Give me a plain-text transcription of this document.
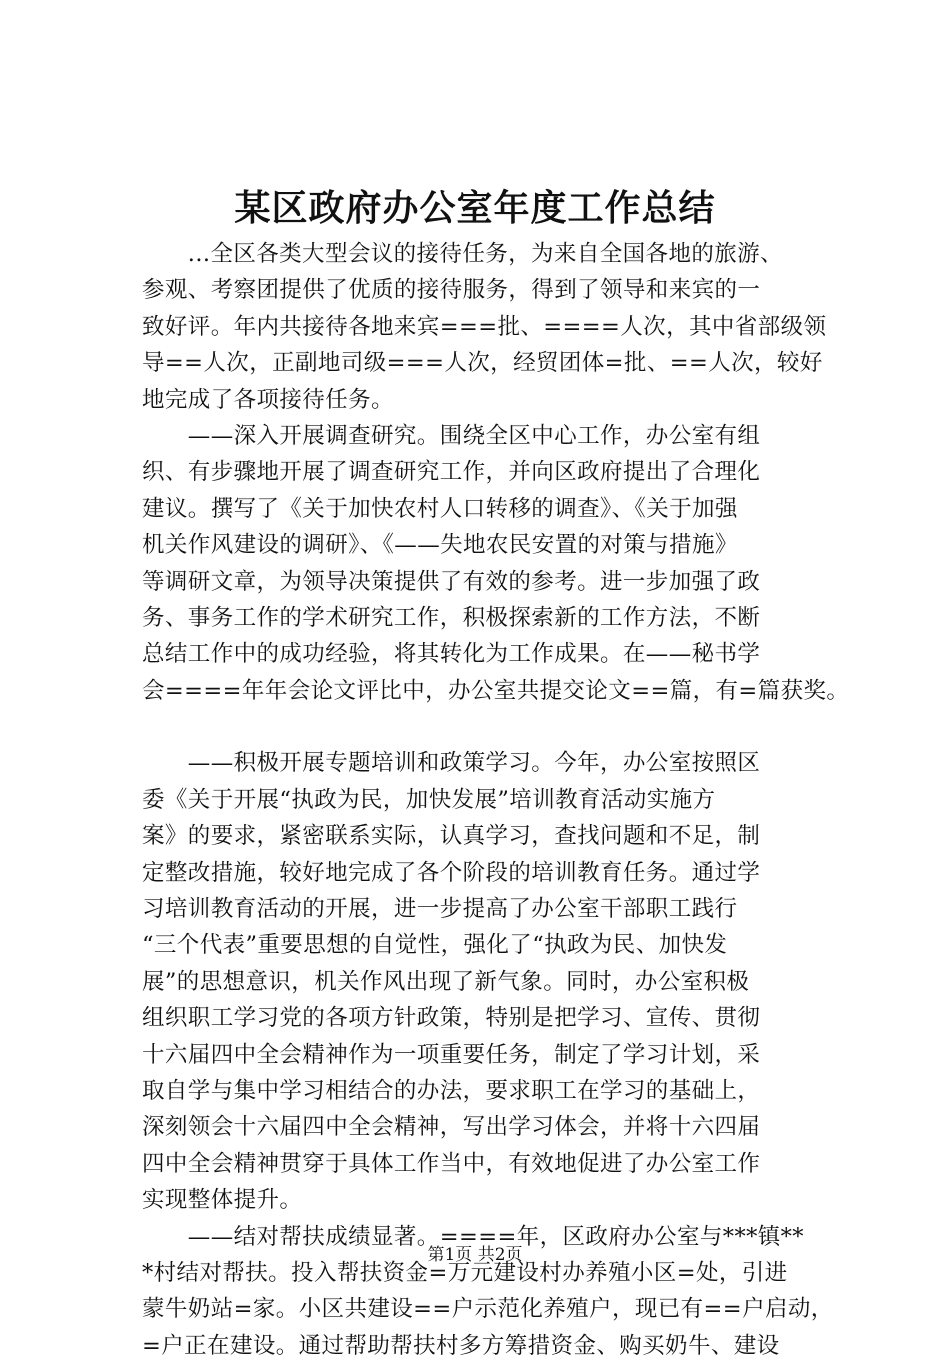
某区政府办公室年度工作总结
　　...全区各类大型会议的接待任务，为来自全国各地的旅游、
参观、考察团提供了优质的接待服务，得到了领导和来宾的一
致好评。年内共接待各地来宾===批、====人次，其中省部级领
导==人次，正副地司级===人次，经贸团体=批、==人次，较好
地完成了各项接待任务。
　　——深入开展调查研究。围绕全区中心工作，办公室有组
织、有步骤地开展了调查研究工作，并向区政府提出了合理化
建议。撰写了《关于加快农村人口转移的调查》、《关于加强
机关作风建设的调研》、《——失地农民安置的对策与措施》
等调研文章，为领导决策提供了有效的参考。进一步加强了政
务、事务工作的学术研究工作，积极探索新的工作方法，不断
总结工作中的成功经验，将其转化为工作成果。在——秘书学
会====年年会论文评比中，办公室共提交论文==篇，有=篇获奖。
　　——积极开展专题培训和政策学习。今年，办公室按照区
委《关于开展“执政为民，加快发展”培训教育活动实施方
案》的要求，紧密联系实际，认真学习，查找问题和不足，制
定整改措施，较好地完成了各个阶段的培训教育任务。通过学
习培训教育活动的开展，进一步提高了办公室干部职工践行
“三个代表”重要思想的自觉性，强化了“执政为民、加快发
展”的思想意识，机关作风出现了新气象。同时，办公室积极
组织职工学习党的各项方针政策，特别是把学习、宣传、贯彻
十六届四中全会精神作为一项重要任务，制定了学习计划，采
取自学与集中学习相结合的办法，要求职工在学习的基础上，
深刻领会十六届四中全会精神，写出学习体会，并将十六四届
四中全会精神贯穿于具体工作当中，有效地促进了办公室工作
实现整体提升。
　　——结对帮扶成绩显著。====年，区政府办公室与***镇**
*村结对帮扶。投入帮扶资金=万元建设村办养殖小区=处，引进
蒙牛奶站=家。小区共建设==户示范化养殖户，现已有==户启动，
=户正在建设。通过帮助帮扶村多方筹措资金、购买奶牛、建设
第1页 共2页
